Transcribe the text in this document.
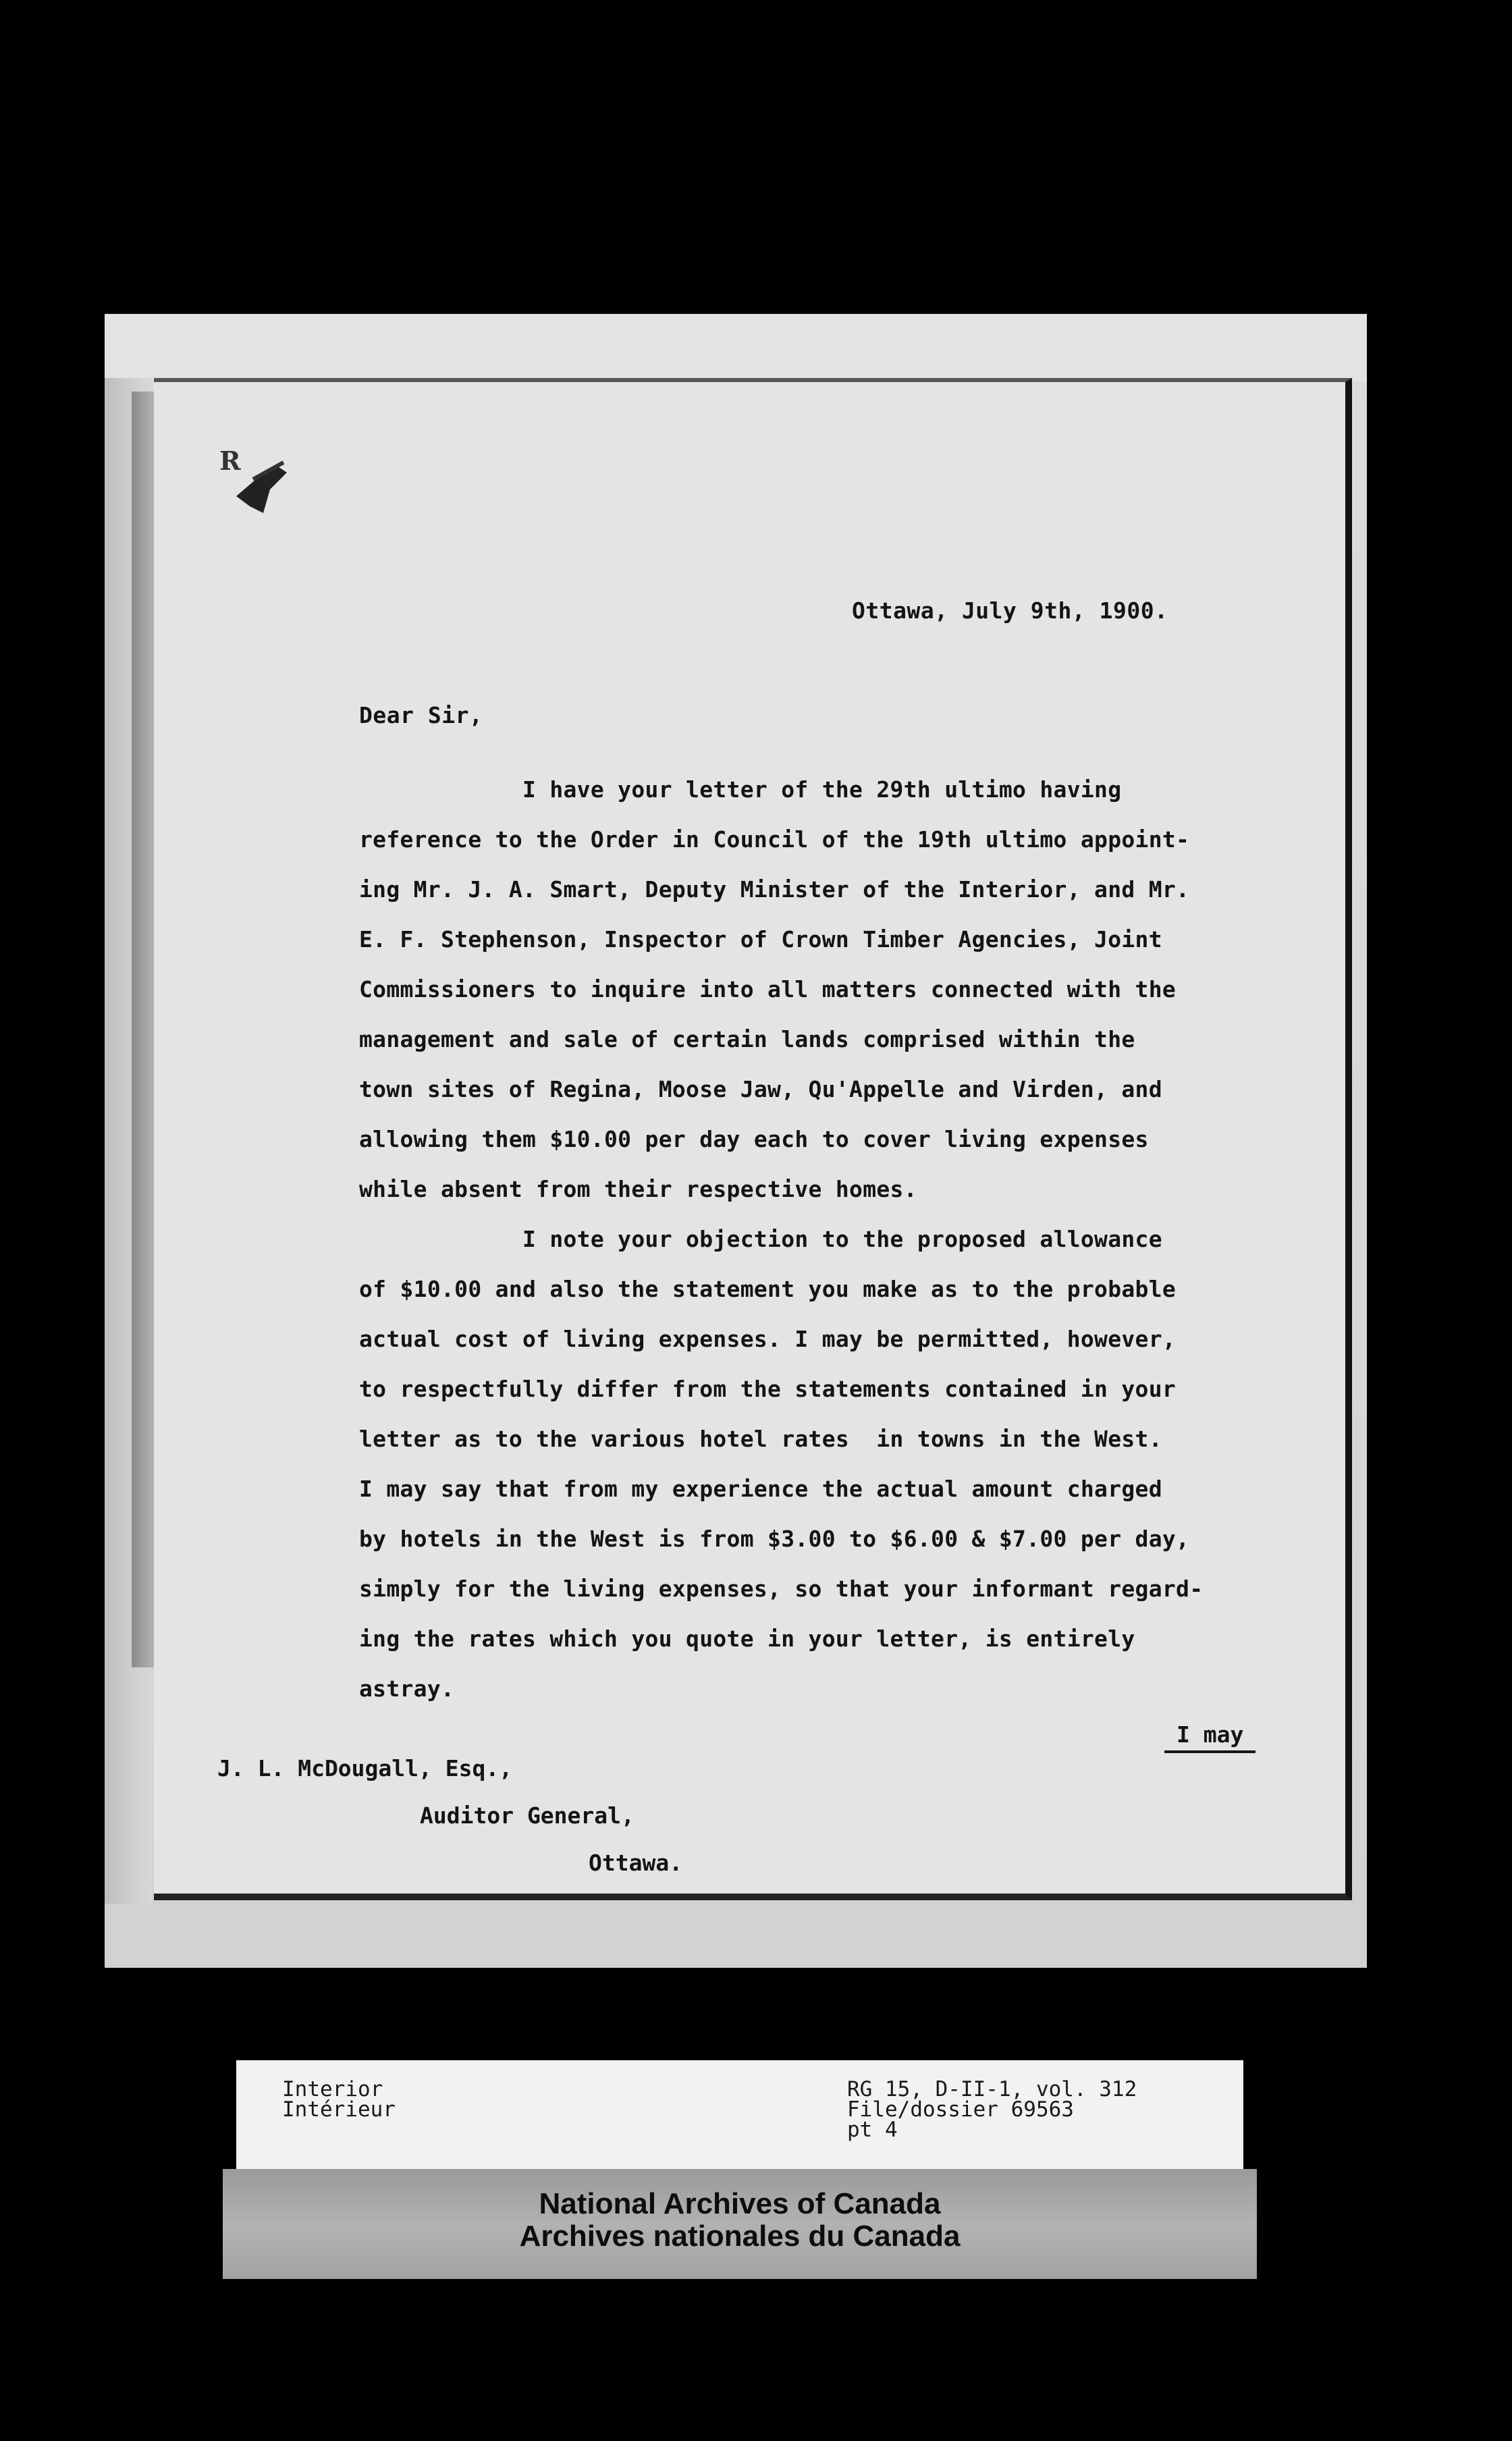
R
Ottawa, July 9th, 1900.
Dear Sir,
I have your letter of the 29th ultimo having
reference to the Order in Council of the 19th ultimo appoint-
ing Mr. J. A. Smart, Deputy Minister of the Interior, and Mr.
E. F. Stephenson, Inspector of Crown Timber Agencies, Joint
Commissioners to inquire into all matters connected with the
management and sale of certain lands comprised within the
town sites of Regina, Moose Jaw, Qu'Appelle and Virden, and
allowing them $10.00 per day each to cover living expenses
while absent from their respective homes.
I note your objection to the proposed allowance
of $10.00 and also the statement you make as to the probable
actual cost of living expenses. I may be permitted, however,
to respectfully differ from the statements contained in your
letter as to the various hotel rates  in towns in the West.
I may say that from my experience the actual amount charged
by hotels in the West is from $3.00 to $6.00 & $7.00 per day,
simply for the living expenses, so that your informant regard-
ing the rates which you quote in your letter, is entirely
astray.
I may
J. L. McDougall, Esq.,
Auditor General,
Ottawa.
Interior
Intérieur
RG 15, D-II-1, vol. 312
File/dossier 69563
pt 4
National Archives of Canada
Archives nationales du Canada
